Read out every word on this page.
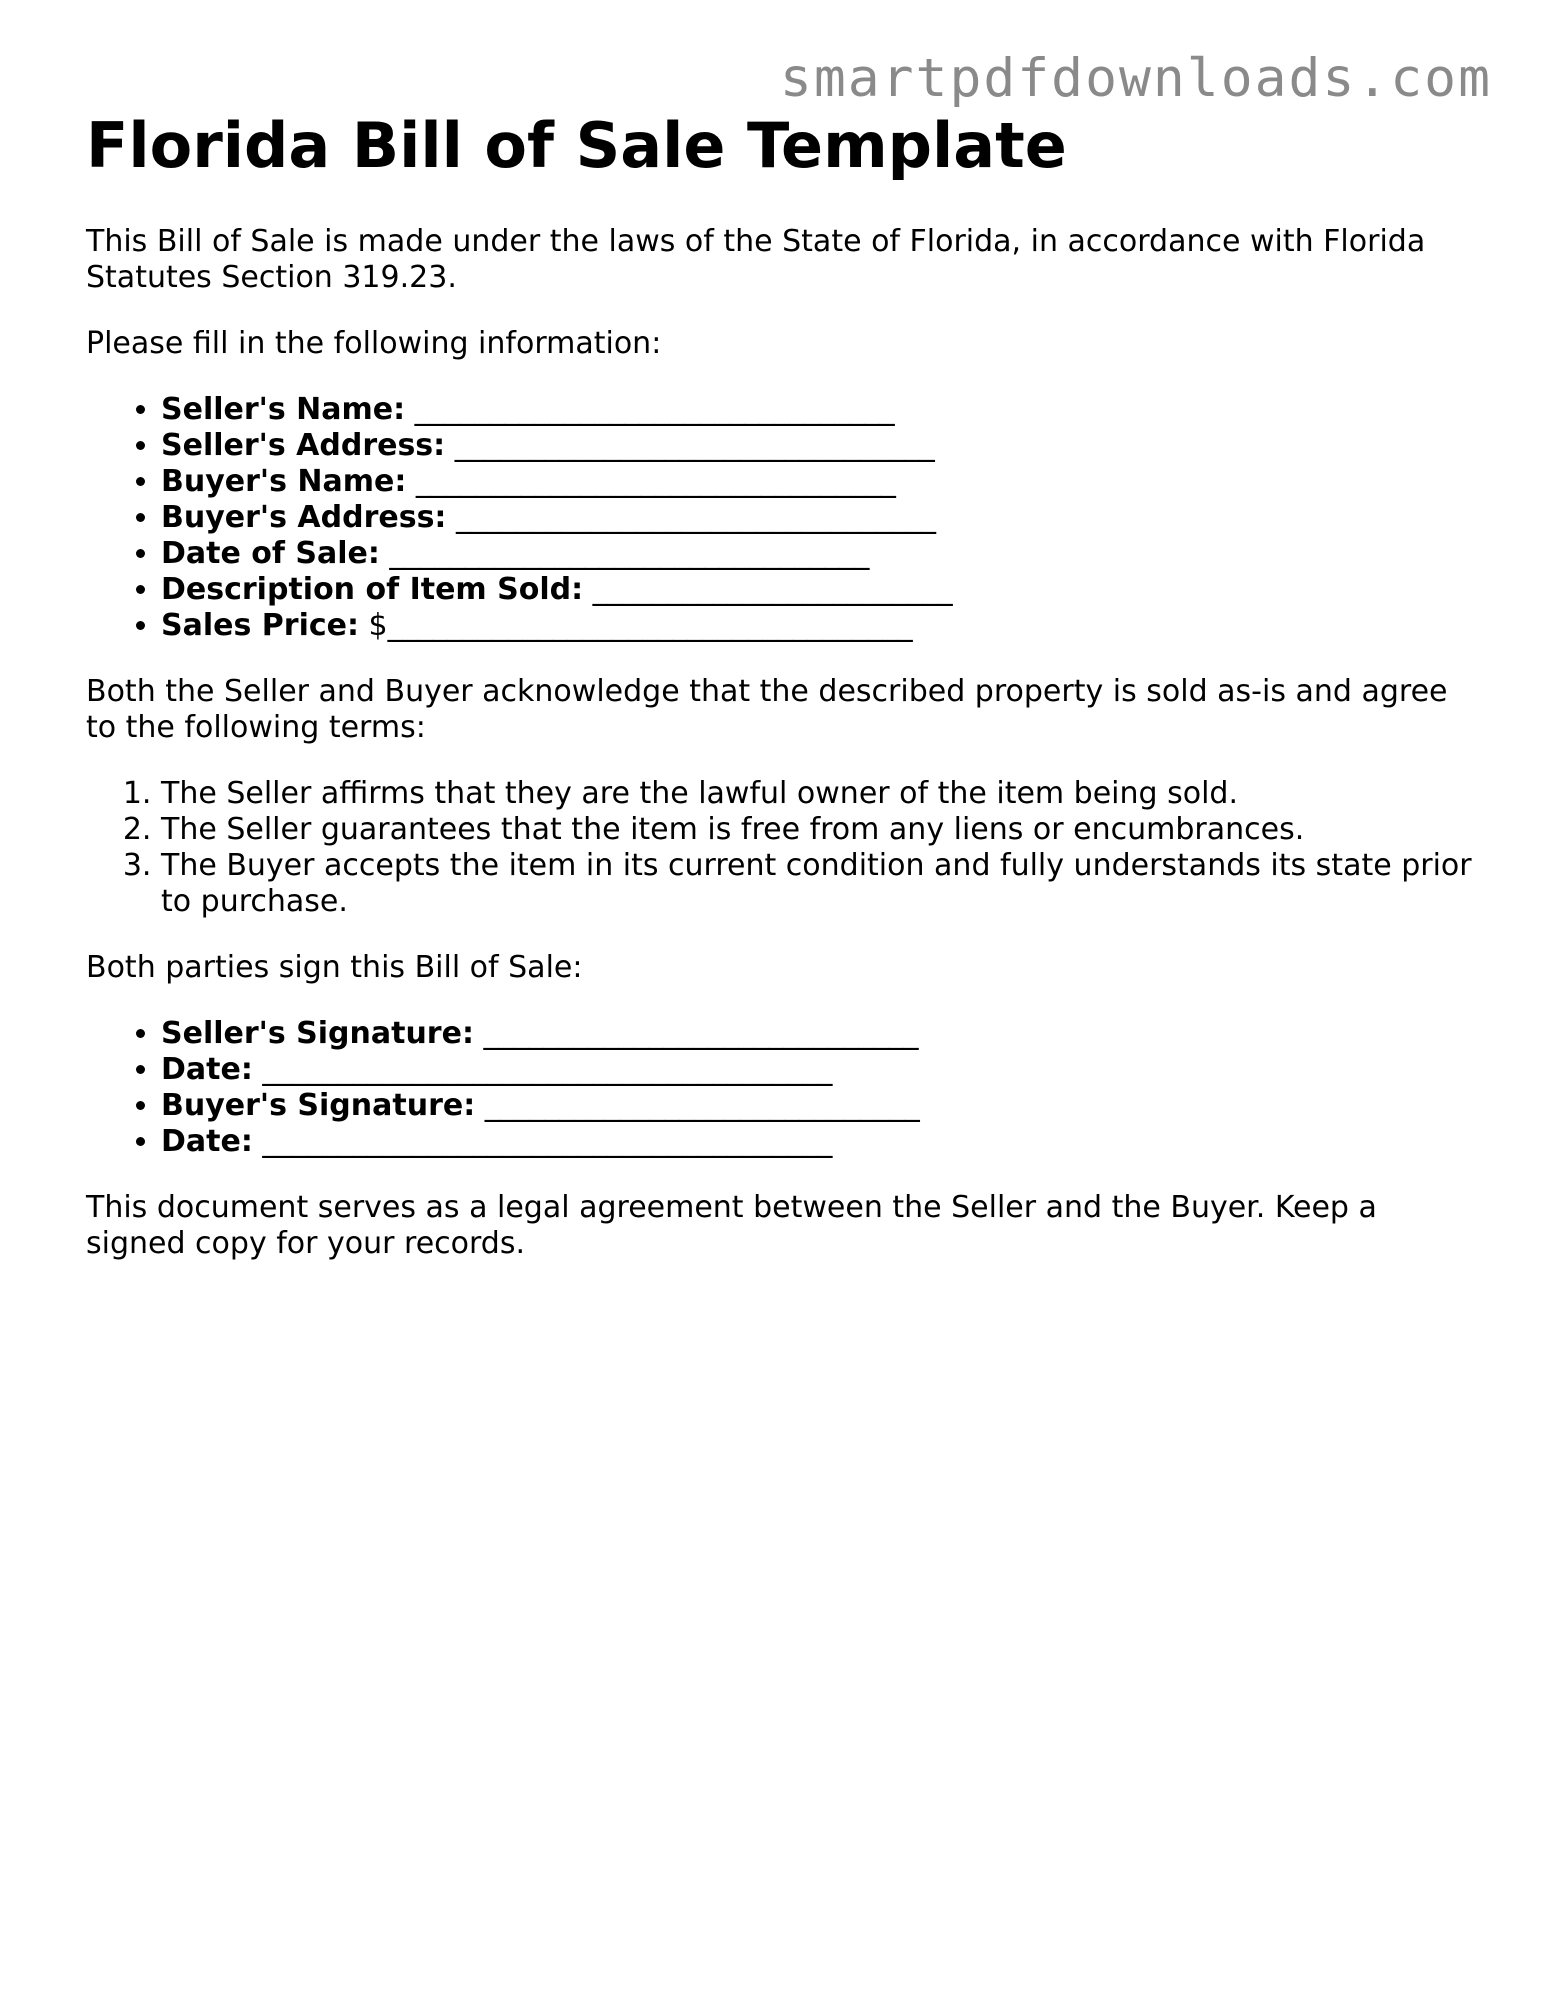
smartpdfdownloads.com
Florida Bill of Sale Template

This Bill of Sale is made under the laws of the State of Florida, in accordance with Florida Statutes Section 319.23.

Please fill in the following information:

• Seller's Name: ________________________________
• Seller's Address: ________________________________
• Buyer's Name: ________________________________
• Buyer's Address: ________________________________
• Date of Sale: ________________________________
• Description of Item Sold: ________________________
• Sales Price: $___________________________________

Both the Seller and Buyer acknowledge that the described property is sold as-is and agree to the following terms:

1. The Seller affirms that they are the lawful owner of the item being sold.
2. The Seller guarantees that the item is free from any liens or encumbrances.
3. The Buyer accepts the item in its current condition and fully understands its state prior to purchase.

Both parties sign this Bill of Sale:

• Seller's Signature: _____________________________
• Date: ______________________________________
• Buyer's Signature: _____________________________
• Date: ______________________________________

This document serves as a legal agreement between the Seller and the Buyer. Keep a signed copy for your records.
